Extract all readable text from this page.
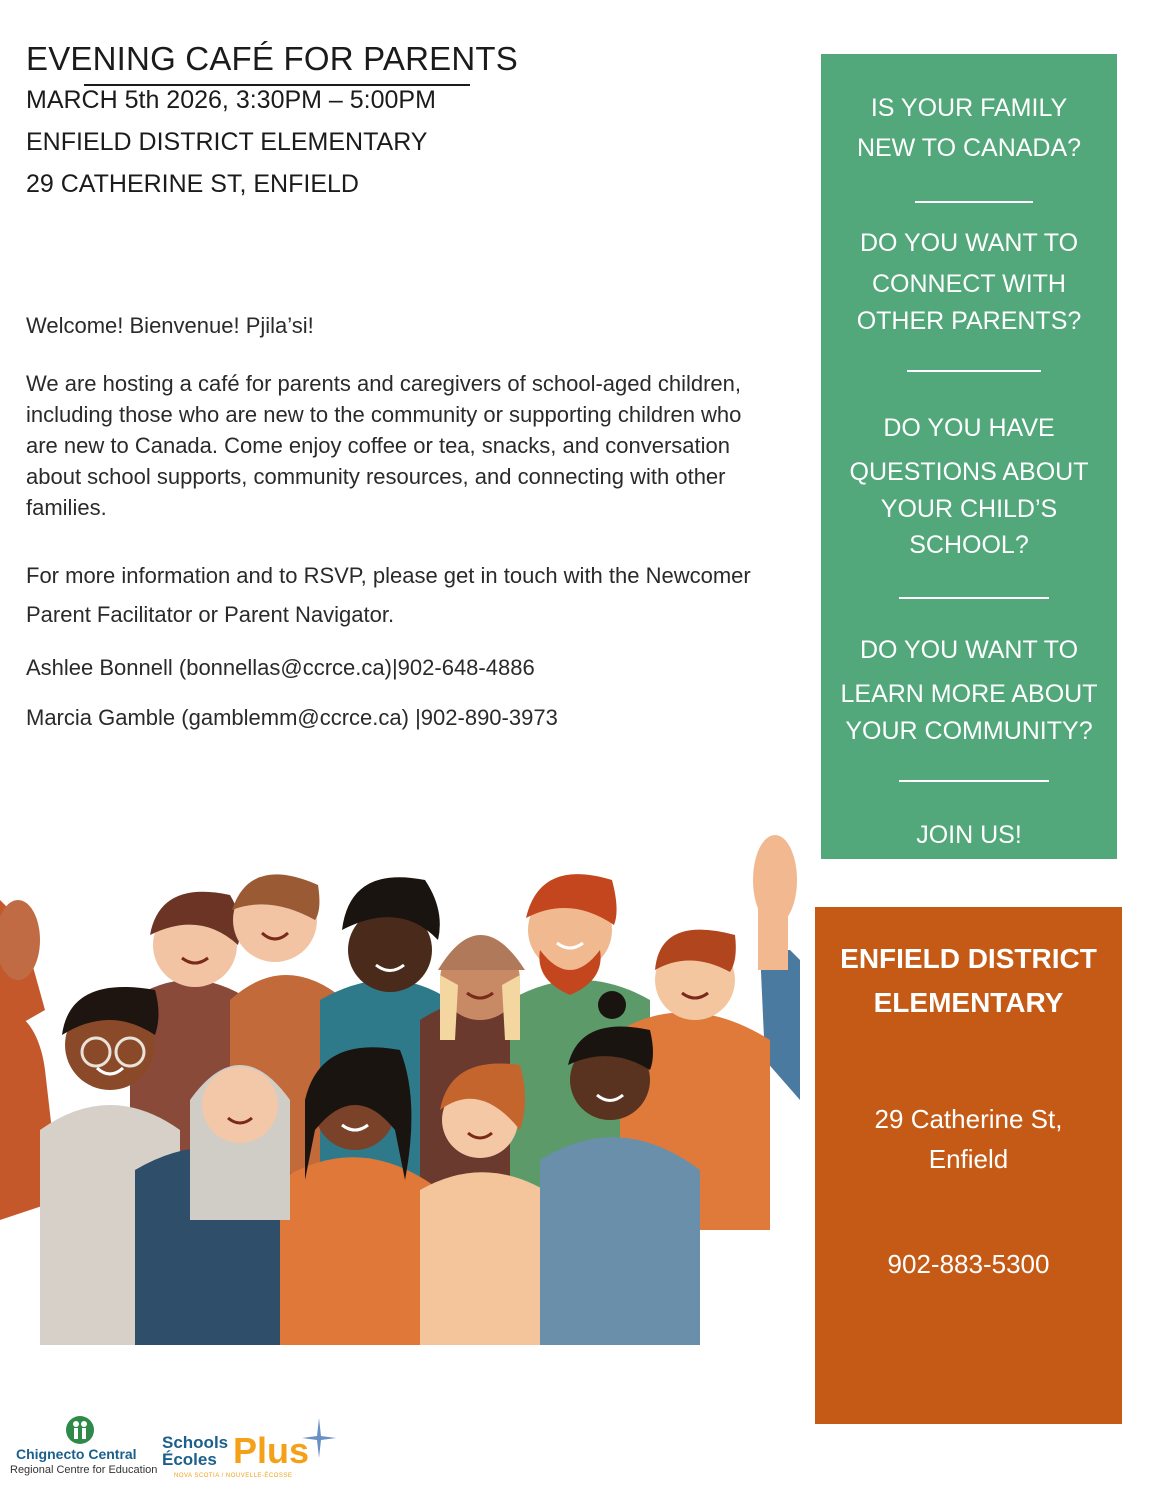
EVENING CAFÉ FOR PARENTS
MARCH 5th 2026, 3:30PM – 5:00PM
ENFIELD DISTRICT ELEMENTARY
29 CATHERINE ST, ENFIELD
Welcome! Bienvenue! Pjila’si!

We are hosting a café for parents and caregivers of school-aged children, including those who are new to the community or supporting children who are new to Canada. Come enjoy coffee or tea, snacks, and conversation about school supports, community resources, and connecting with other families.

For more information and to RSVP, please get in touch with the Newcomer Parent Facilitator or Parent Navigator.

Ashlee Bonnell (bonnellas@ccrce.ca)|902-648-4886
Marcia Gamble (gamblemm@ccrce.ca) |902-890-3973
IS YOUR FAMILY
NEW TO CANADA?
DO YOU WANT TO
CONNECT WITH
OTHER PARENTS?
DO YOU HAVE
QUESTIONS ABOUT
YOUR CHILD’S
SCHOOL?
DO YOU WANT TO
LEARN MORE ABOUT
YOUR COMMUNITY?
JOIN US!
ENFIELD DISTRICT
ELEMENTARY
29 Catherine St,
Enfield
902-883-5300
Chignecto Central
Regional Centre for Education
Schools
Écoles Plus
NOVA SCOTIA / NOUVELLE-ÉCOSSE
